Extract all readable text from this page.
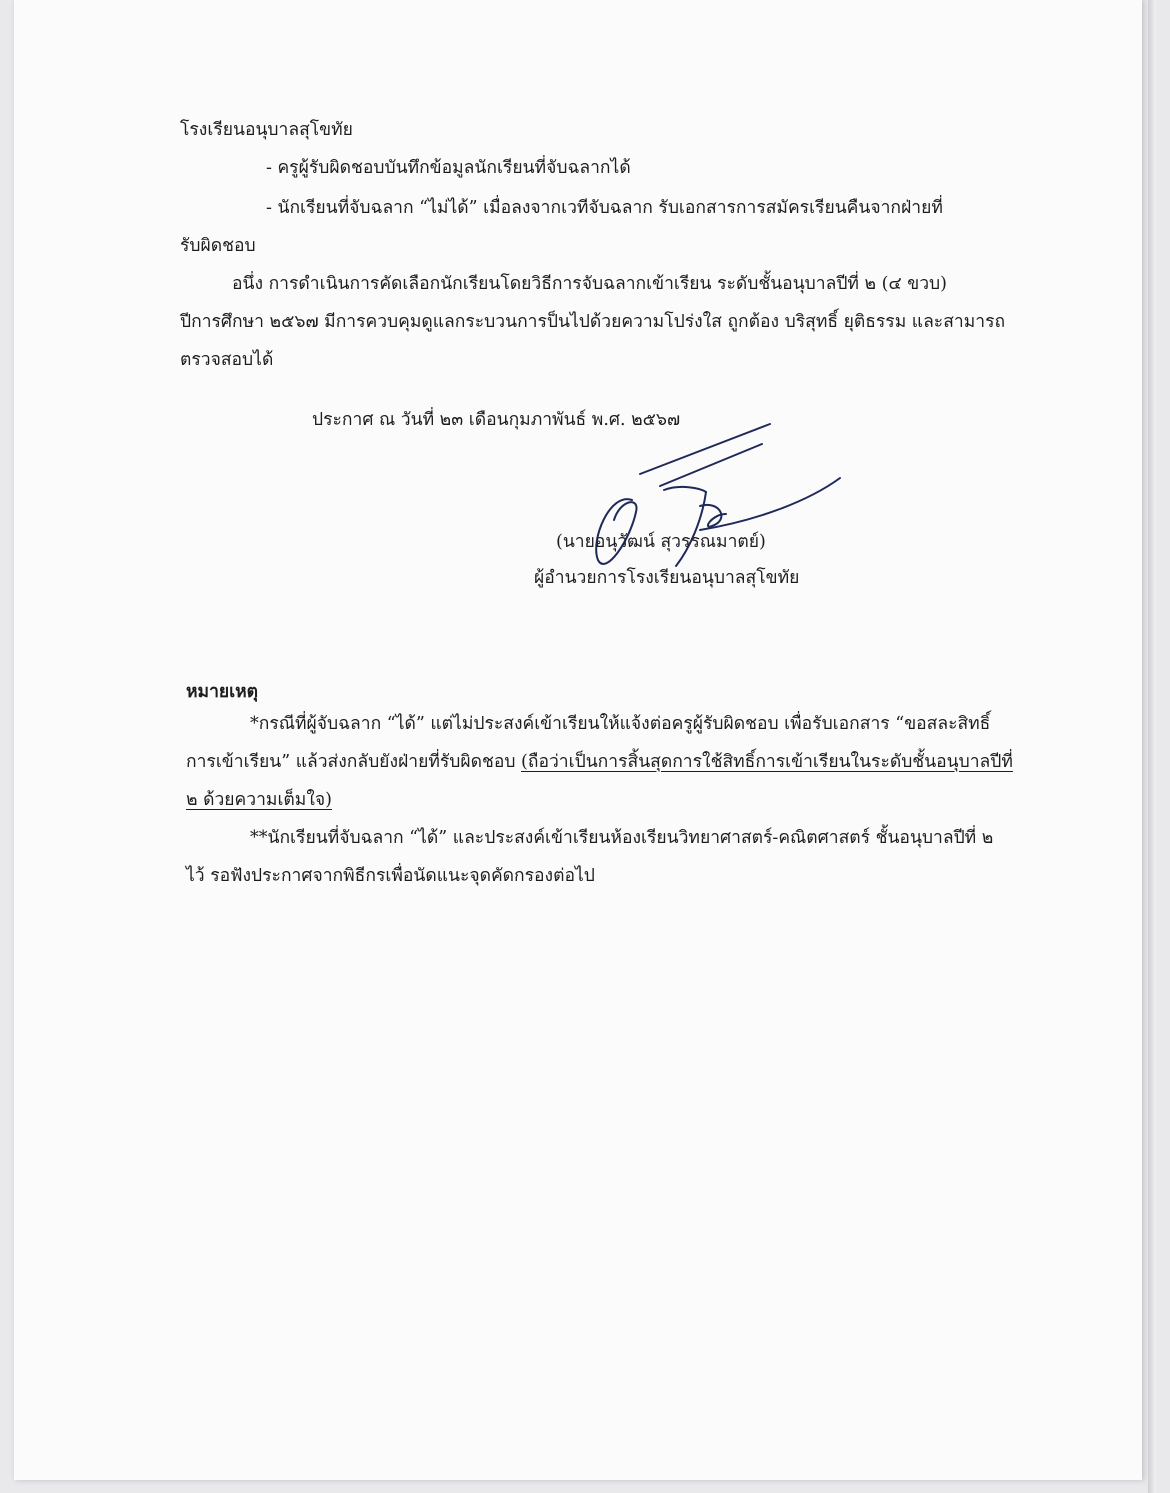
โรงเรียนอนุบาลสุโขทัย
- ครูผู้รับผิดชอบบันทึกข้อมูลนักเรียนที่จับฉลากได้
- นักเรียนที่จับฉลาก “ไม่ได้” เมื่อลงจากเวทีจับฉลาก รับเอกสารการสมัครเรียนคืนจากฝ่ายที่
รับผิดชอบ
อนึ่ง การดำเนินการคัดเลือกนักเรียนโดยวิธีการจับฉลากเข้าเรียน ระดับชั้นอนุบาลปีที่ ๒ (๔ ขวบ)
ปีการศึกษา ๒๕๖๗ มีการควบคุมดูแลกระบวนการป็นไปด้วยความโปร่งใส ถูกต้อง บริสุทธิ์ ยุติธรรม และสามารถ
ตรวจสอบได้
ประกาศ ณ วันที่ ๒๓ เดือนกุมภาพันธ์ พ.ศ. ๒๕๖๗
(นายอนุวัฒน์ สุวรรณมาตย์)
ผู้อำนวยการโรงเรียนอนุบาลสุโขทัย
หมายเหตุ
*กรณีที่ผู้จับฉลาก “ได้” แต่ไม่ประสงค์เข้าเรียนให้แจ้งต่อครูผู้รับผิดชอบ เพื่อรับเอกสาร “ขอสละสิทธิ์
การเข้าเรียน” แล้วส่งกลับยังฝ่ายที่รับผิดชอบ (ถือว่าเป็นการสิ้นสุดการใช้สิทธิ์การเข้าเรียนในระดับชั้นอนุบาลปีที่
๒ ด้วยความเต็มใจ)
**นักเรียนที่จับฉลาก “ได้” และประสงค์เข้าเรียนห้องเรียนวิทยาศาสตร์-คณิตศาสตร์ ชั้นอนุบาลปีที่ ๒
ไว้ รอฟังประกาศจากพิธีกรเพื่อนัดแนะจุดคัดกรองต่อไป
